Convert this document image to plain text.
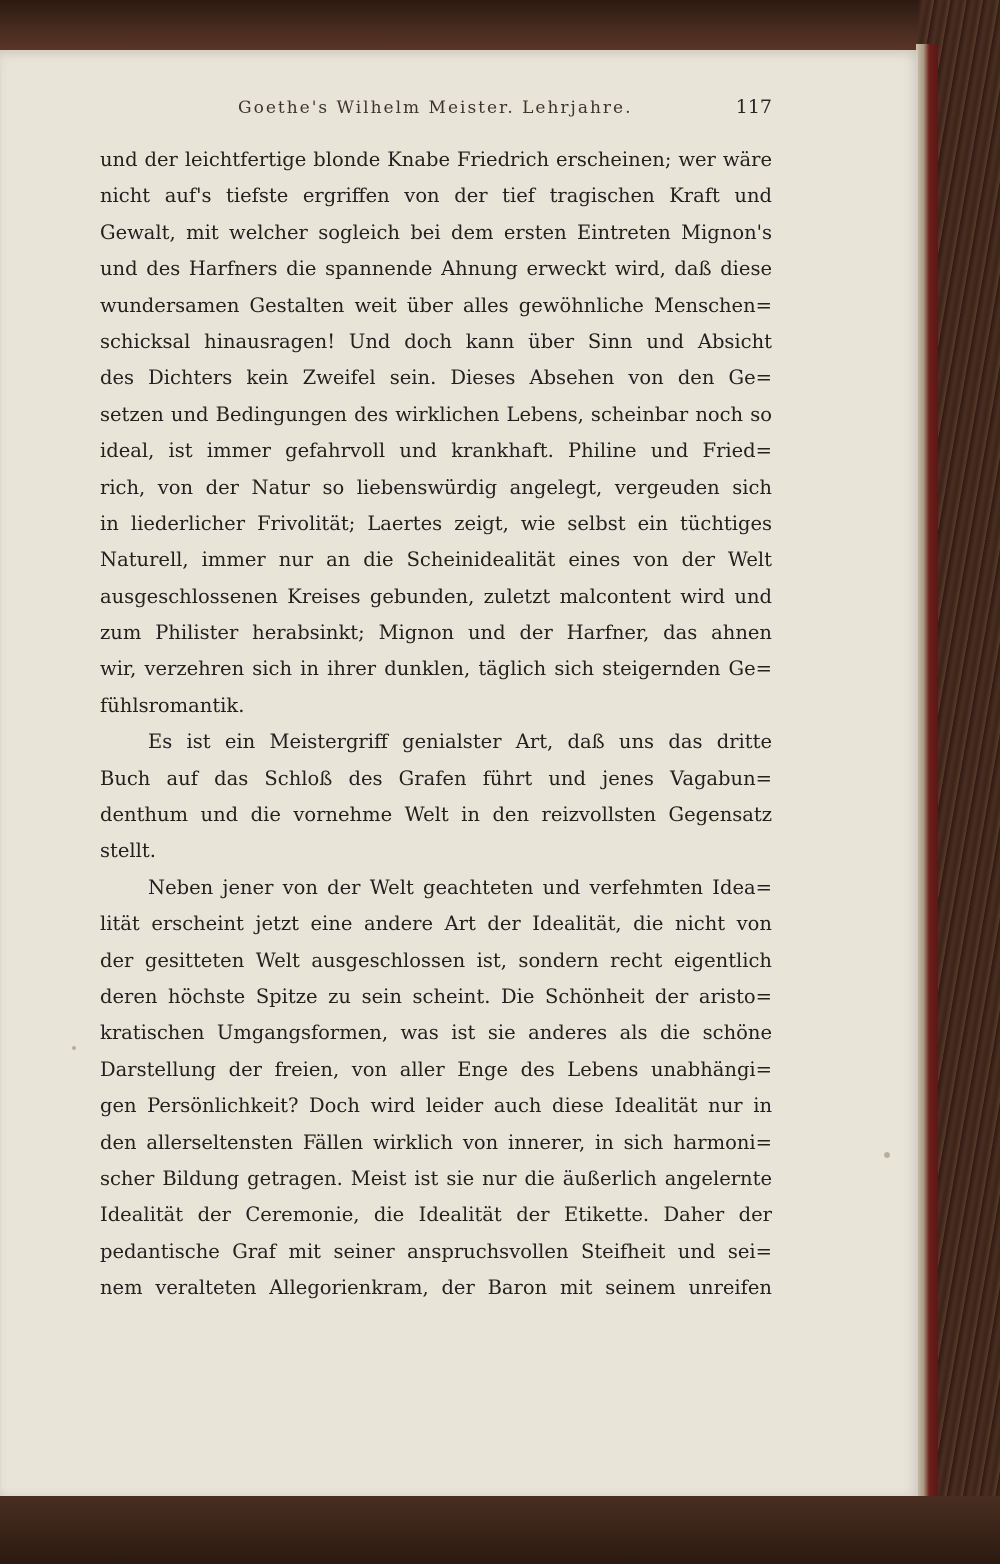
Goethe's Wilhelm Meister. Lehrjahre.	117
und der leichtfertige blonde Knabe Friedrich erscheinen; wer wäre
nicht auf's tiefste ergriffen von der tief tragischen Kraft und
Gewalt, mit welcher sogleich bei dem ersten Eintreten Mignon's
und des Harfners die spannende Ahnung erweckt wird, daß diese
wundersamen Gestalten weit über alles gewöhnliche Menschen=
schicksal hinausragen! Und doch kann über Sinn und Absicht
des Dichters kein Zweifel sein. Dieses Absehen von den Ge=
setzen und Bedingungen des wirklichen Lebens, scheinbar noch so
ideal, ist immer gefahrvoll und krankhaft. Philine und Fried=
rich, von der Natur so liebenswürdig angelegt, vergeuden sich
in liederlicher Frivolität; Laertes zeigt, wie selbst ein tüchtiges
Naturell, immer nur an die Scheinidealität eines von der Welt
ausgeschlossenen Kreises gebunden, zuletzt malcontent wird und
zum Philister herabsinkt; Mignon und der Harfner, das ahnen
wir, verzehren sich in ihrer dunklen, täglich sich steigernden Ge=
fühlsromantik.
Es ist ein Meistergriff genialster Art, daß uns das dritte
Buch auf das Schloß des Grafen führt und jenes Vagabun=
denthum und die vornehme Welt in den reizvollsten Gegensatz
stellt.
Neben jener von der Welt geachteten und verfehmten Idea=
lität erscheint jetzt eine andere Art der Idealität, die nicht von
der gesitteten Welt ausgeschlossen ist, sondern recht eigentlich
deren höchste Spitze zu sein scheint. Die Schönheit der aristo=
kratischen Umgangsformen, was ist sie anderes als die schöne
Darstellung der freien, von aller Enge des Lebens unabhängi=
gen Persönlichkeit? Doch wird leider auch diese Idealität nur in
den allerseltensten Fällen wirklich von innerer, in sich harmoni=
scher Bildung getragen. Meist ist sie nur die äußerlich angelernte
Idealität der Ceremonie, die Idealität der Etikette. Daher der
pedantische Graf mit seiner anspruchsvollen Steifheit und sei=
nem veralteten Allegorienkram, der Baron mit seinem unreifen
